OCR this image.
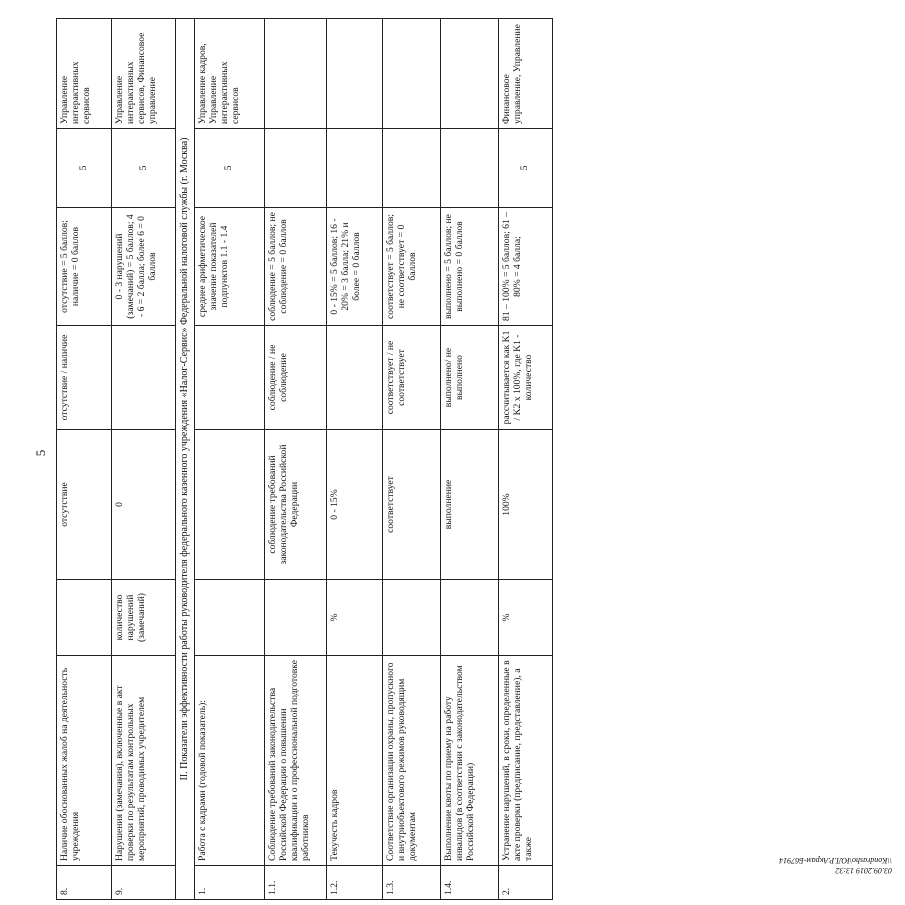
5
8.	Наличие обоснованных жалоб на деятельность учреждения		отсутствие	отсутствие / наличие	отсутствие = 5 баллов; наличие = 0 баллов	5	Управление интерактивных сервисов
9.	Нарушения (замечания), включенные в акт проверки по результатам контрольных мероприятий, проводимых учредителем	количество нарушений (замечаний)	0		0 - 3 нарушений (замечаний) = 5 баллов; 4 - 6 = 2 балла; более 6 = 0 баллов	5	Управление интерактивных сервисов, Финансовое управление
II. Показатели эффективности работы руководителя федерального казенного учреждения «Налог-Сервис» Федеральной налоговой службы (г. Москва)							
1.	Работа с кадрами (годовой показатель):				среднее арифметическое значение показателей подпунктов 1.1 - 1.4	5	Управление кадров, Управление интерактивных сервисов
1.1.	Соблюдение требований законодательства Российской Федерации о повышении квалификации и о профессиональной подготовке работников		соблюдение требований законодательства Российской Федерации	соблюдение / не соблюдение	соблюдение = 5 баллов; не соблюдение = 0 баллов		
1.2.	Текучесть кадров	%	0 - 15%		0 - 15% = 5 баллов; 16 - 20% = 3 балла; 21% и более = 0 баллов		
1.3.	Соответствие организации охраны, пропускного и внутриобъектового режимов руководящим документам		соответствует	соответствует / не соответствует	соответствует = 5 баллов; не соответствует = 0 баллов		
1.4.	Выполнение квоты по приему на работу инвалидов (в соответствии с законодательством Российской Федерации)		выполнение	выполнено/ не выполнено	выполнено = 5 баллов; не выполнено = 0 баллов		
2.	Устранение нарушений, в сроки, определенные в акте проверки (предписание, представление), а также	%	100%	рассчитывается как K1 / K2 x 100%, где K1 - количество	81 – 100% = 5 баллов; 61 – 80% = 4 балла;	5	Финансовое управление, Управление
03.09.2019 13:32
\\Kondrasho\ЮЛ.Р.Акрам-Б67914
